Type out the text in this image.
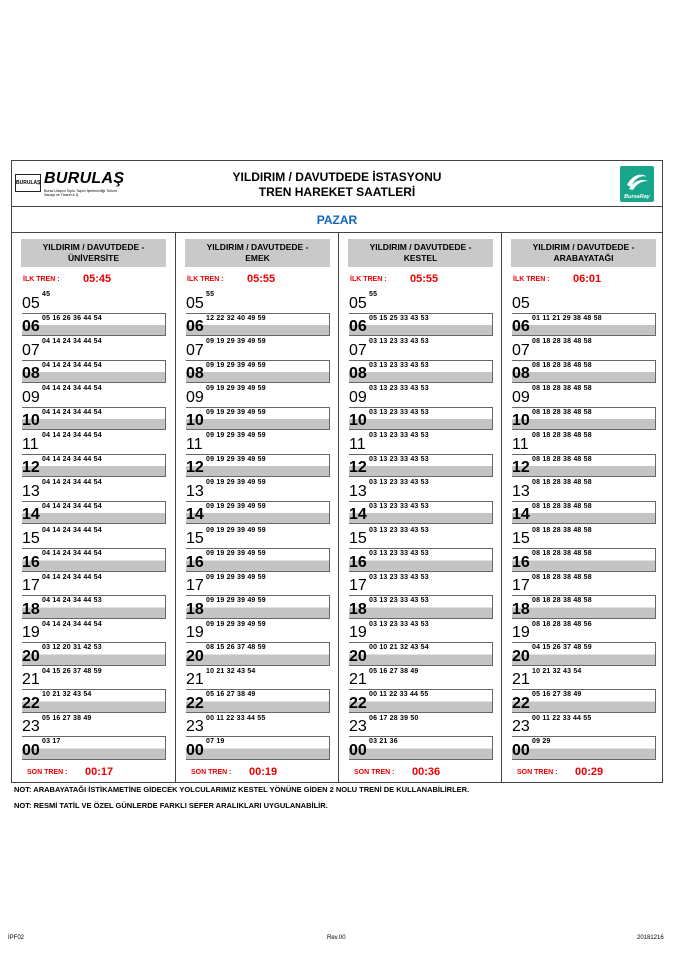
BURULAŞ BURULAŞ
Bursa Ulaşım Toplu Taşım İşletmeciliği Turizm Sanayi ve Ticaret A.Ş.
YILDIRIM / DAVUTDEDE İSTASYONU
TREN HAREKET SAATLERİ	BursaRay
PAZAR
YILDIRIM / DAVUTDEDE -
ÜNİVERSİTE
İLK TREN : 05:45
05 45
06 05 16 26 36 44 54
07 04 14 24 34 44 54
08 04 14 24 34 44 54
09 04 14 24 34 44 54
10 04 14 24 34 44 54
11 04 14 24 34 44 54
12 04 14 24 34 44 54
13 04 14 24 34 44 54
14 04 14 24 34 44 54
15 04 14 24 34 44 54
16 04 14 24 34 44 54
17 04 14 24 34 44 54
18 04 14 24 34 44 53
19 04 14 24 34 44 54
20 03 12 20 31 42 53
21 04 15 26 37 48 59
22 10 21 32 43 54
23 05 16 27 38 49
00 03 17
SON TREN : 00:17
YILDIRIM / DAVUTDEDE -
EMEK
İLK TREN : 05:55
05 55
06 12 22 32 40 49 59
07 09 19 29 39 49 59
08 09 19 29 39 49 59
09 09 19 29 39 49 59
10 09 19 29 39 49 59
11 09 19 29 39 49 59
12 09 19 29 39 49 59
13 09 19 29 39 49 59
14 09 19 29 39 49 59
15 09 19 29 39 49 59
16 09 19 29 39 49 59
17 09 19 29 39 49 59
18 09 19 29 39 49 59
19 09 19 29 39 49 59
20 08 15 26 37 48 59
21 10 21 32 43 54
22 05 16 27 38 49
23 00 11 22 33 44 55
00 07 19
SON TREN : 00:19
YILDIRIM / DAVUTDEDE -
KESTEL
İLK TREN : 05:55
05 55
06 05 15 25 33 43 53
07 03 13 23 33 43 53
08 03 13 23 33 43 53
09 03 13 23 33 43 53
10 03 13 23 33 43 53
11 03 13 23 33 43 53
12 03 13 23 33 43 53
13 03 13 23 33 43 53
14 03 13 23 33 43 53
15 03 13 23 33 43 53
16 03 13 23 33 43 53
17 03 13 23 33 43 53
18 03 13 23 33 43 53
19 03 13 23 33 43 53
20 00 10 21 32 43 54
21 05 16 27 38 49
22 00 11 22 33 44 55
23 06 17 28 39 50
00 03 21 36
SON TREN : 00:36
YILDIRIM / DAVUTDEDE -
ARABAYATAĞI
İLK TREN : 06:01
05
06 01 11 21 29 38 48 58
07 08 18 28 38 48 58
08 08 18 28 38 48 58
09 08 18 28 38 48 58
10 08 18 28 38 48 58
11 08 18 28 38 48 58
12 08 18 28 38 48 58
13 08 18 28 38 48 58
14 08 18 28 38 48 58
15 08 18 28 38 48 58
16 08 18 28 38 48 58
17 08 18 28 38 48 58
18 08 18 28 38 48 58
19 08 18 28 38 48 56
20 04 15 26 37 48 59
21 10 21 32 43 54
22 05 16 27 38 49
23 00 11 22 33 44 55
00 09 29
SON TREN : 00:29
NOT: ARABAYATAĞI İSTİKAMETİNE GİDECEK YOLCULARIMIZ KESTEL YÖNÜNE GİDEN 2 NOLU TRENİ DE KULLANABİLİRLER.
NOT: RESMİ TATİL VE ÖZEL GÜNLERDE FARKLI SEFER ARALIKLARI UYGULANABİLİR.
İPF02	Rev.00	20181216
